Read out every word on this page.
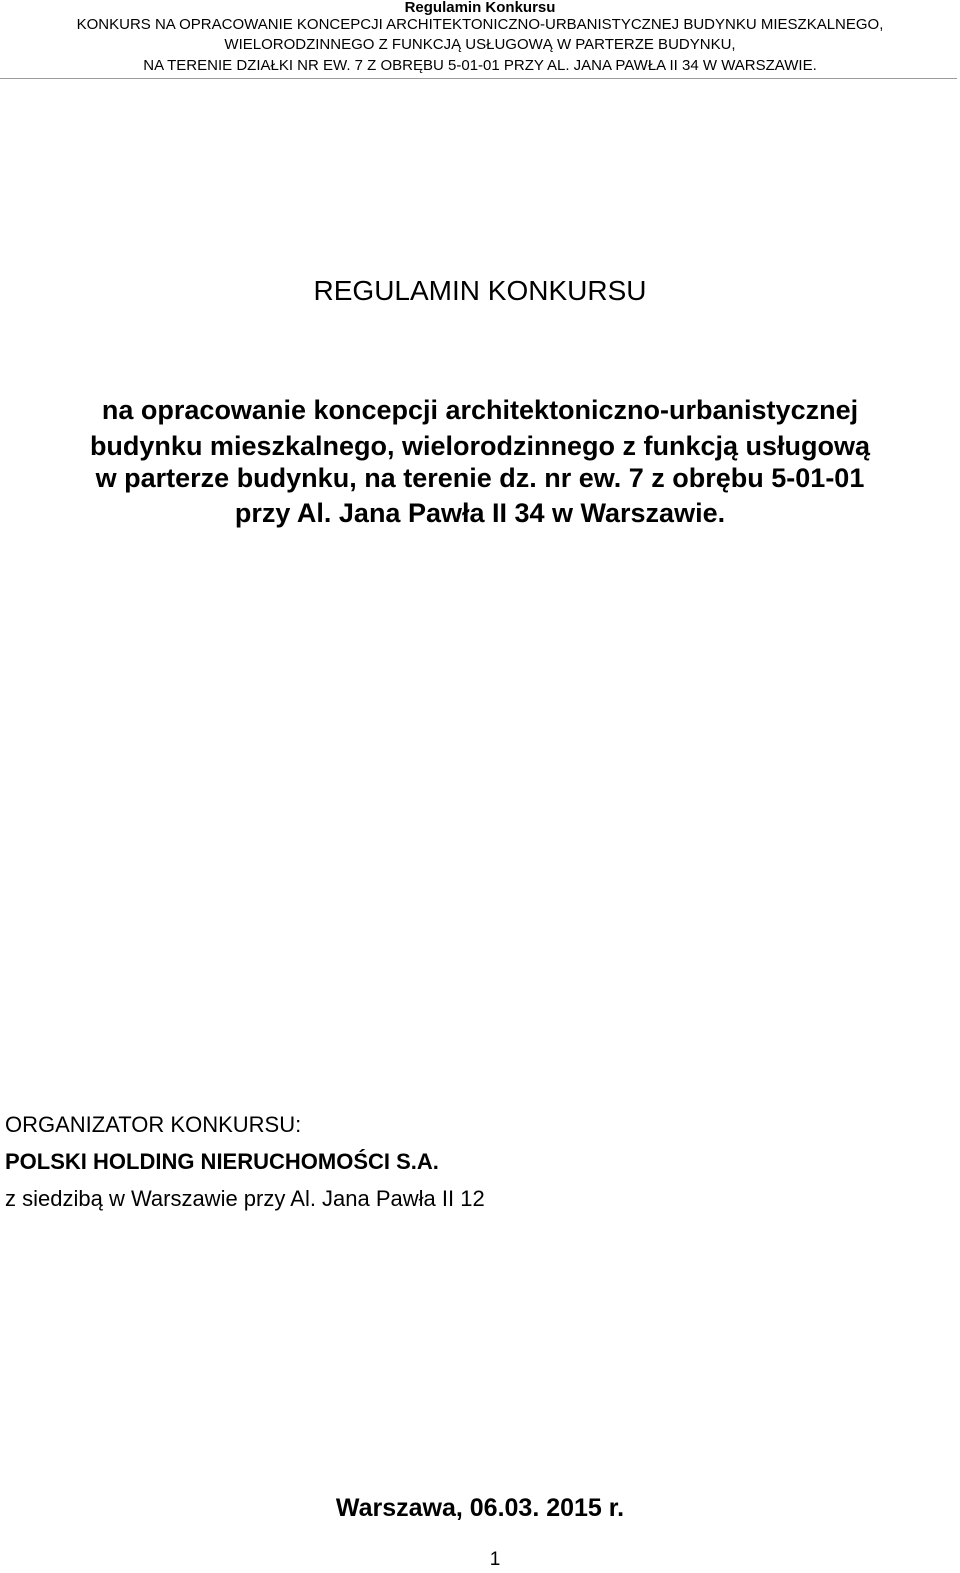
Regulamin Konkursu
KONKURS NA OPRACOWANIE KONCEPCJI ARCHITEKTONICZNO-URBANISTYCZNEJ BUDYNKU MIESZKALNEGO,
WIELORODZINNEGO Z FUNKCJĄ USŁUGOWĄ W PARTERZE BUDYNKU,
NA TERENIE DZIAŁKI NR EW. 7 Z OBRĘBU 5-01-01 PRZY AL. JANA PAWŁA II 34 W WARSZAWIE.
REGULAMIN KONKURSU
na opracowanie koncepcji architektoniczno-urbanistycznej
budynku mieszkalnego, wielorodzinnego z funkcją usługową
w parterze budynku, na terenie dz. nr ew. 7 z obrębu 5-01-01
przy Al. Jana Pawła II 34 w Warszawie.
ORGANIZATOR KONKURSU:
POLSKI HOLDING NIERUCHOMOŚCI S.A.
z siedzibą w Warszawie przy Al. Jana Pawła II 12
Warszawa, 06.03. 2015 r.
1
